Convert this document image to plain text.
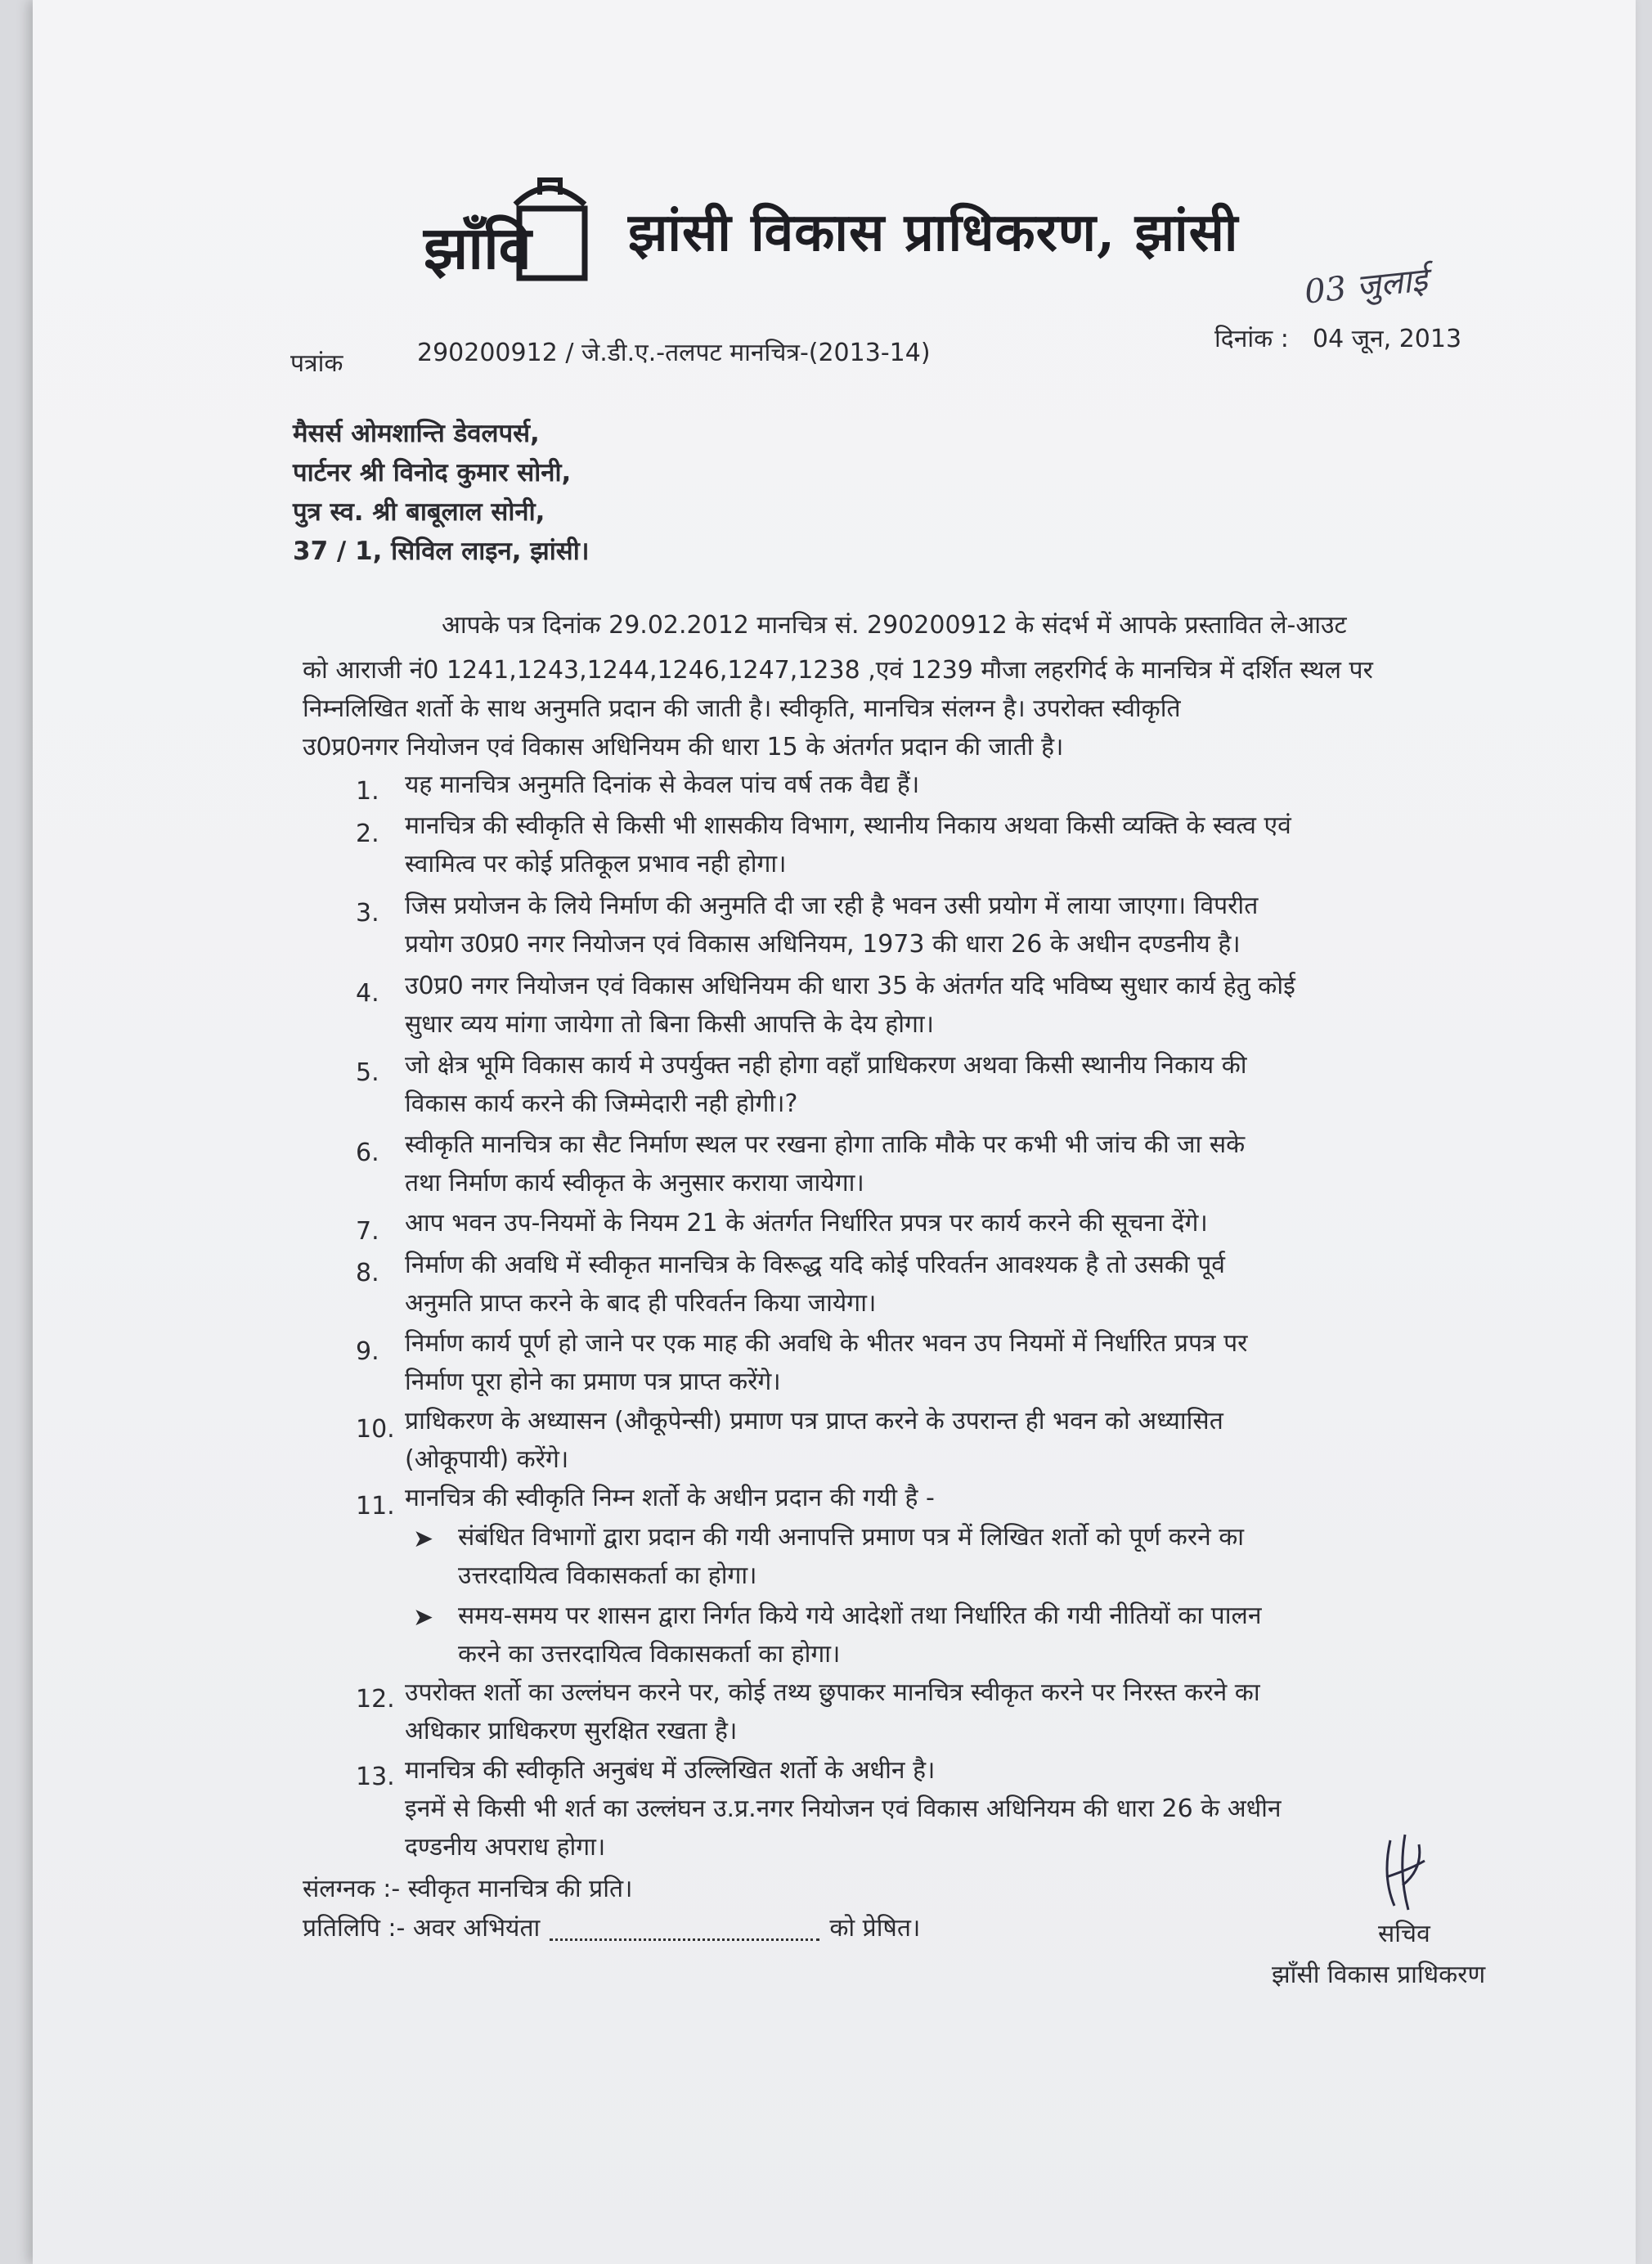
झाँवि झांसी विकास प्राधिकरण, झांसी
पत्रांक	290200912 / जे.डी.ए.-तलपट मानचित्र-(2013-14)	दिनांक : 04 जून, 2013
03 जुलाई
मैसर्स ओमशान्ति डेवलपर्स,
पार्टनर श्री विनोद कुमार सोनी,
पुत्र स्व. श्री बाबूलाल सोनी,
37 / 1, सिविल लाइन, झांसी।
आपके पत्र दिनांक 29.02.2012 मानचित्र सं. 290200912 के संदर्भ में आपके प्रस्तावित ले-आउट
को आराजी नं0 1241,1243,1244,1246,1247,1238 ,एवं 1239 मौजा लहरगिर्द के मानचित्र में दर्शित स्थल पर
निम्नलिखित शर्तो के साथ अनुमति प्रदान की जाती है। स्वीकृति, मानचित्र संलग्न है। उपरोक्त स्वीकृति
उ0प्र0नगर नियोजन एवं विकास अधिनियम की धारा 15 के अंतर्गत प्रदान की जाती है।
1. यह मानचित्र अनुमति दिनांक से केवल पांच वर्ष तक वैद्य हैं।
2. मानचित्र की स्वीकृति से किसी भी शासकीय विभाग, स्थानीय निकाय अथवा किसी व्यक्ति के स्वत्व एवं
स्वामित्व पर कोई प्रतिकूल प्रभाव नही होगा।
3. जिस प्रयोजन के लिये निर्माण की अनुमति दी जा रही है भवन उसी प्रयोग में लाया जाएगा। विपरीत
प्रयोग उ0प्र0 नगर नियोजन एवं विकास अधिनियम, 1973 की धारा 26 के अधीन दण्डनीय है।
4. उ0प्र0 नगर नियोजन एवं विकास अधिनियम की धारा 35 के अंतर्गत यदि भविष्य सुधार कार्य हेतु कोई
सुधार व्यय मांगा जायेगा तो बिना किसी आपत्ति के देय होगा।
5. जो क्षेत्र भूमि विकास कार्य मे उपर्युक्त नही होगा वहाँ प्राधिकरण अथवा किसी स्थानीय निकाय की
विकास कार्य करने की जिम्मेदारी नही होगी।?
6. स्वीकृति मानचित्र का सैट निर्माण स्थल पर रखना होगा ताकि मौके पर कभी भी जांच की जा सके
तथा निर्माण कार्य स्वीकृत के अनुसार कराया जायेगा।
7. आप भवन उप-नियमों के नियम 21 के अंतर्गत निर्धारित प्रपत्र पर कार्य करने की सूचना देंगे।
8. निर्माण की अवधि में स्वीकृत मानचित्र के विरूद्ध यदि कोई परिवर्तन आवश्यक है तो उसकी पूर्व
अनुमति प्राप्त करने के बाद ही परिवर्तन किया जायेगा।
9. निर्माण कार्य पूर्ण हो जाने पर एक माह की अवधि के भीतर भवन उप नियमों में निर्धारित प्रपत्र पर
निर्माण पूरा होने का प्रमाण पत्र प्राप्त करेंगे।
10. प्राधिकरण के अध्यासन (औकूपेन्सी) प्रमाण पत्र प्राप्त करने के उपरान्त ही भवन को अध्यासित
(ओकूपायी) करेंगे।
11. मानचित्र की स्वीकृति निम्न शर्तो के अधीन प्रदान की गयी है -
➤ संबंधित विभागों द्वारा प्रदान की गयी अनापत्ति प्रमाण पत्र में लिखित शर्तो को पूर्ण करने का
उत्तरदायित्व विकासकर्ता का होगा।
➤ समय-समय पर शासन द्वारा निर्गत किये गये आदेशों तथा निर्धारित की गयी नीतियों का पालन
करने का उत्तरदायित्व विकासकर्ता का होगा।
12. उपरोक्त शर्तो का उल्लंघन करने पर, कोई तथ्य छुपाकर मानचित्र स्वीकृत करने पर निरस्त करने का
अधिकार प्राधिकरण सुरक्षित रखता है।
13. मानचित्र की स्वीकृति अनुबंध में उल्लिखित शर्तो के अधीन है।
इनमें से किसी भी शर्त का उल्लंघन उ.प्र.नगर नियोजन एवं विकास अधिनियम की धारा 26 के अधीन
दण्डनीय अपराध होगा।
संलग्नक :- स्वीकृत मानचित्र की प्रति।
प्रतिलिपि :- अवर अभियंता	को प्रेषित।	सचिव
झाँसी विकास प्राधिकरण
